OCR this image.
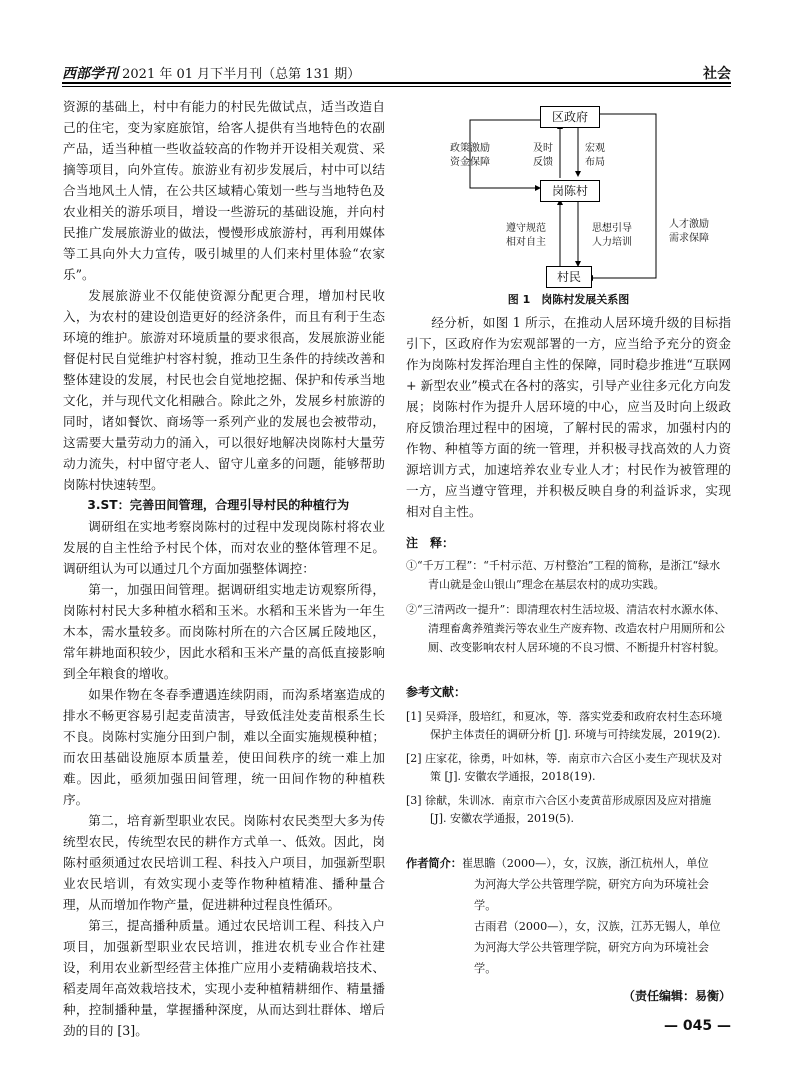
西部学刊 2021 年 01 月下半月刊（总第 131 期）	社会

资源的基础上，村中有能力的村民先做试点，适当改造自己的住宅，变为家庭旅馆，给客人提供有当地特色的农副产品，适当种植一些收益较高的作物并开设相关观赏、采摘等项目，向外宣传。旅游业有初步发展后，村中可以结合当地风土人情，在公共区域精心策划一些与当地特色及农业相关的游乐项目，增设一些游玩的基础设施，并向村民推广发展旅游业的做法，慢慢形成旅游村，再利用媒体等工具向外大力宣传，吸引城里的人们来村里体验“农家乐”。

发展旅游业不仅能使资源分配更合理，增加村民收入，为农村的建设创造更好的经济条件，而且有利于生态环境的维护。旅游对环境质量的要求很高，发展旅游业能督促村民自觉维护村容村貌，推动卫生条件的持续改善和整体建设的发展，村民也会自觉地挖掘、保护和传承当地文化，并与现代文化相融合。除此之外，发展乡村旅游的同时，诸如餐饮、商场等一系列产业的发展也会被带动，这需要大量劳动力的涌入，可以很好地解决岗陈村大量劳动力流失，村中留守老人、留守儿童多的问题，能够帮助岗陈村快速转型。

3.ST：完善田间管理，合理引导村民的种植行为

调研组在实地考察岗陈村的过程中发现岗陈村将农业发展的自主性给予村民个体，而对农业的整体管理不足。调研组认为可以通过几个方面加强整体调控：

第一，加强田间管理。据调研组实地走访观察所得，岗陈村村民大多种植水稻和玉米。水稻和玉米皆为一年生木本，需水量较多。而岗陈村所在的六合区属丘陵地区，常年耕地面积较少，因此水稻和玉米产量的高低直接影响到全年粮食的增收。

如果作物在冬春季遭遇连续阴雨，而沟系堵塞造成的排水不畅更容易引起麦苗渍害，导致低洼处麦苗根系生长不良。岗陈村实施分田到户制，难以全面实施规模种植；而农田基础设施原本质量差，使田间秩序的统一难上加难。因此，亟须加强田间管理，统一田间作物的种植秩序。

第二，培育新型职业农民。岗陈村农民类型大多为传统型农民，传统型农民的耕作方式单一、低效。因此，岗陈村亟须通过农民培训工程、科技入户项目，加强新型职业农民培训，有效实现小麦等作物种植精准、播种量合理，从而增加作物产量，促进耕种过程良性循环。

第三，提高播种质量。通过农民培训工程、科技入户项目，加强新型职业农民培训，推进农机专业合作社建设，利用农业新型经营主体推广应用小麦精确栽培技术、稻麦周年高效栽培技术，实现小麦种植精耕细作、精量播种，控制播种量，掌握播种深度，从而达到壮群体、增后劲的目的 [3]。

区政府
岗陈村
村民
政策激励
资金保障
及时
反馈
宏观
布局
遵守规范
相对自主
思想引导
人力培训
人才激励
需求保障
图 1　岗陈村发展关系图

经分析，如图 1 所示，在推动人居环境升级的目标指引下，区政府作为宏观部署的一方，应当给予充分的资金作为岗陈村发挥治理自主性的保障，同时稳步推进“互联网 + 新型农业”模式在各村的落实，引导产业往多元化方向发展；岗陈村作为提升人居环境的中心，应当及时向上级政府反馈治理过程中的困境，了解村民的需求，加强村内的作物、种植等方面的统一管理，并积极寻找高效的人力资源培训方式，加速培养农业专业人才；村民作为被管理的一方，应当遵守管理，并积极反映自身的利益诉求，实现相对自主性。

注　释：
①“千万工程”：“千村示范、万村整治”工程的简称，是浙江“绿水青山就是金山银山”理念在基层农村的成功实践。
②“三清两改一提升”：即清理农村生活垃圾、清洁农村水源水体、清理畜禽养殖粪污等农业生产废弃物、改造农村户用厕所和公厕、改变影响农村人居环境的不良习惯、不断提升村容村貌。
参考文献：
[1] 吴舜泽，殷培红，和夏冰，等．落实党委和政府农村生态环境保护主体责任的调研分析 [J]. 环境与可持续发展，2019(2).
[2] 庄家花，徐勇，叶如林，等．南京市六合区小麦生产现状及对策 [J]. 安徽农学通报，2018(19).
[3] 徐献，朱训冰．南京市六合区小麦黄苗形成原因及应对措施 [J]. 安徽农学通报，2019(5).
作者简介：崔思瞻（2000—），女，汉族，浙江杭州人，单位
为河海大学公共管理学院，研究方向为环境社会学。
古雨君（2000—），女，汉族，江苏无锡人，单位
为河海大学公共管理学院，研究方向为环境社会学。
（责任编辑：易衡）
— 045 —
